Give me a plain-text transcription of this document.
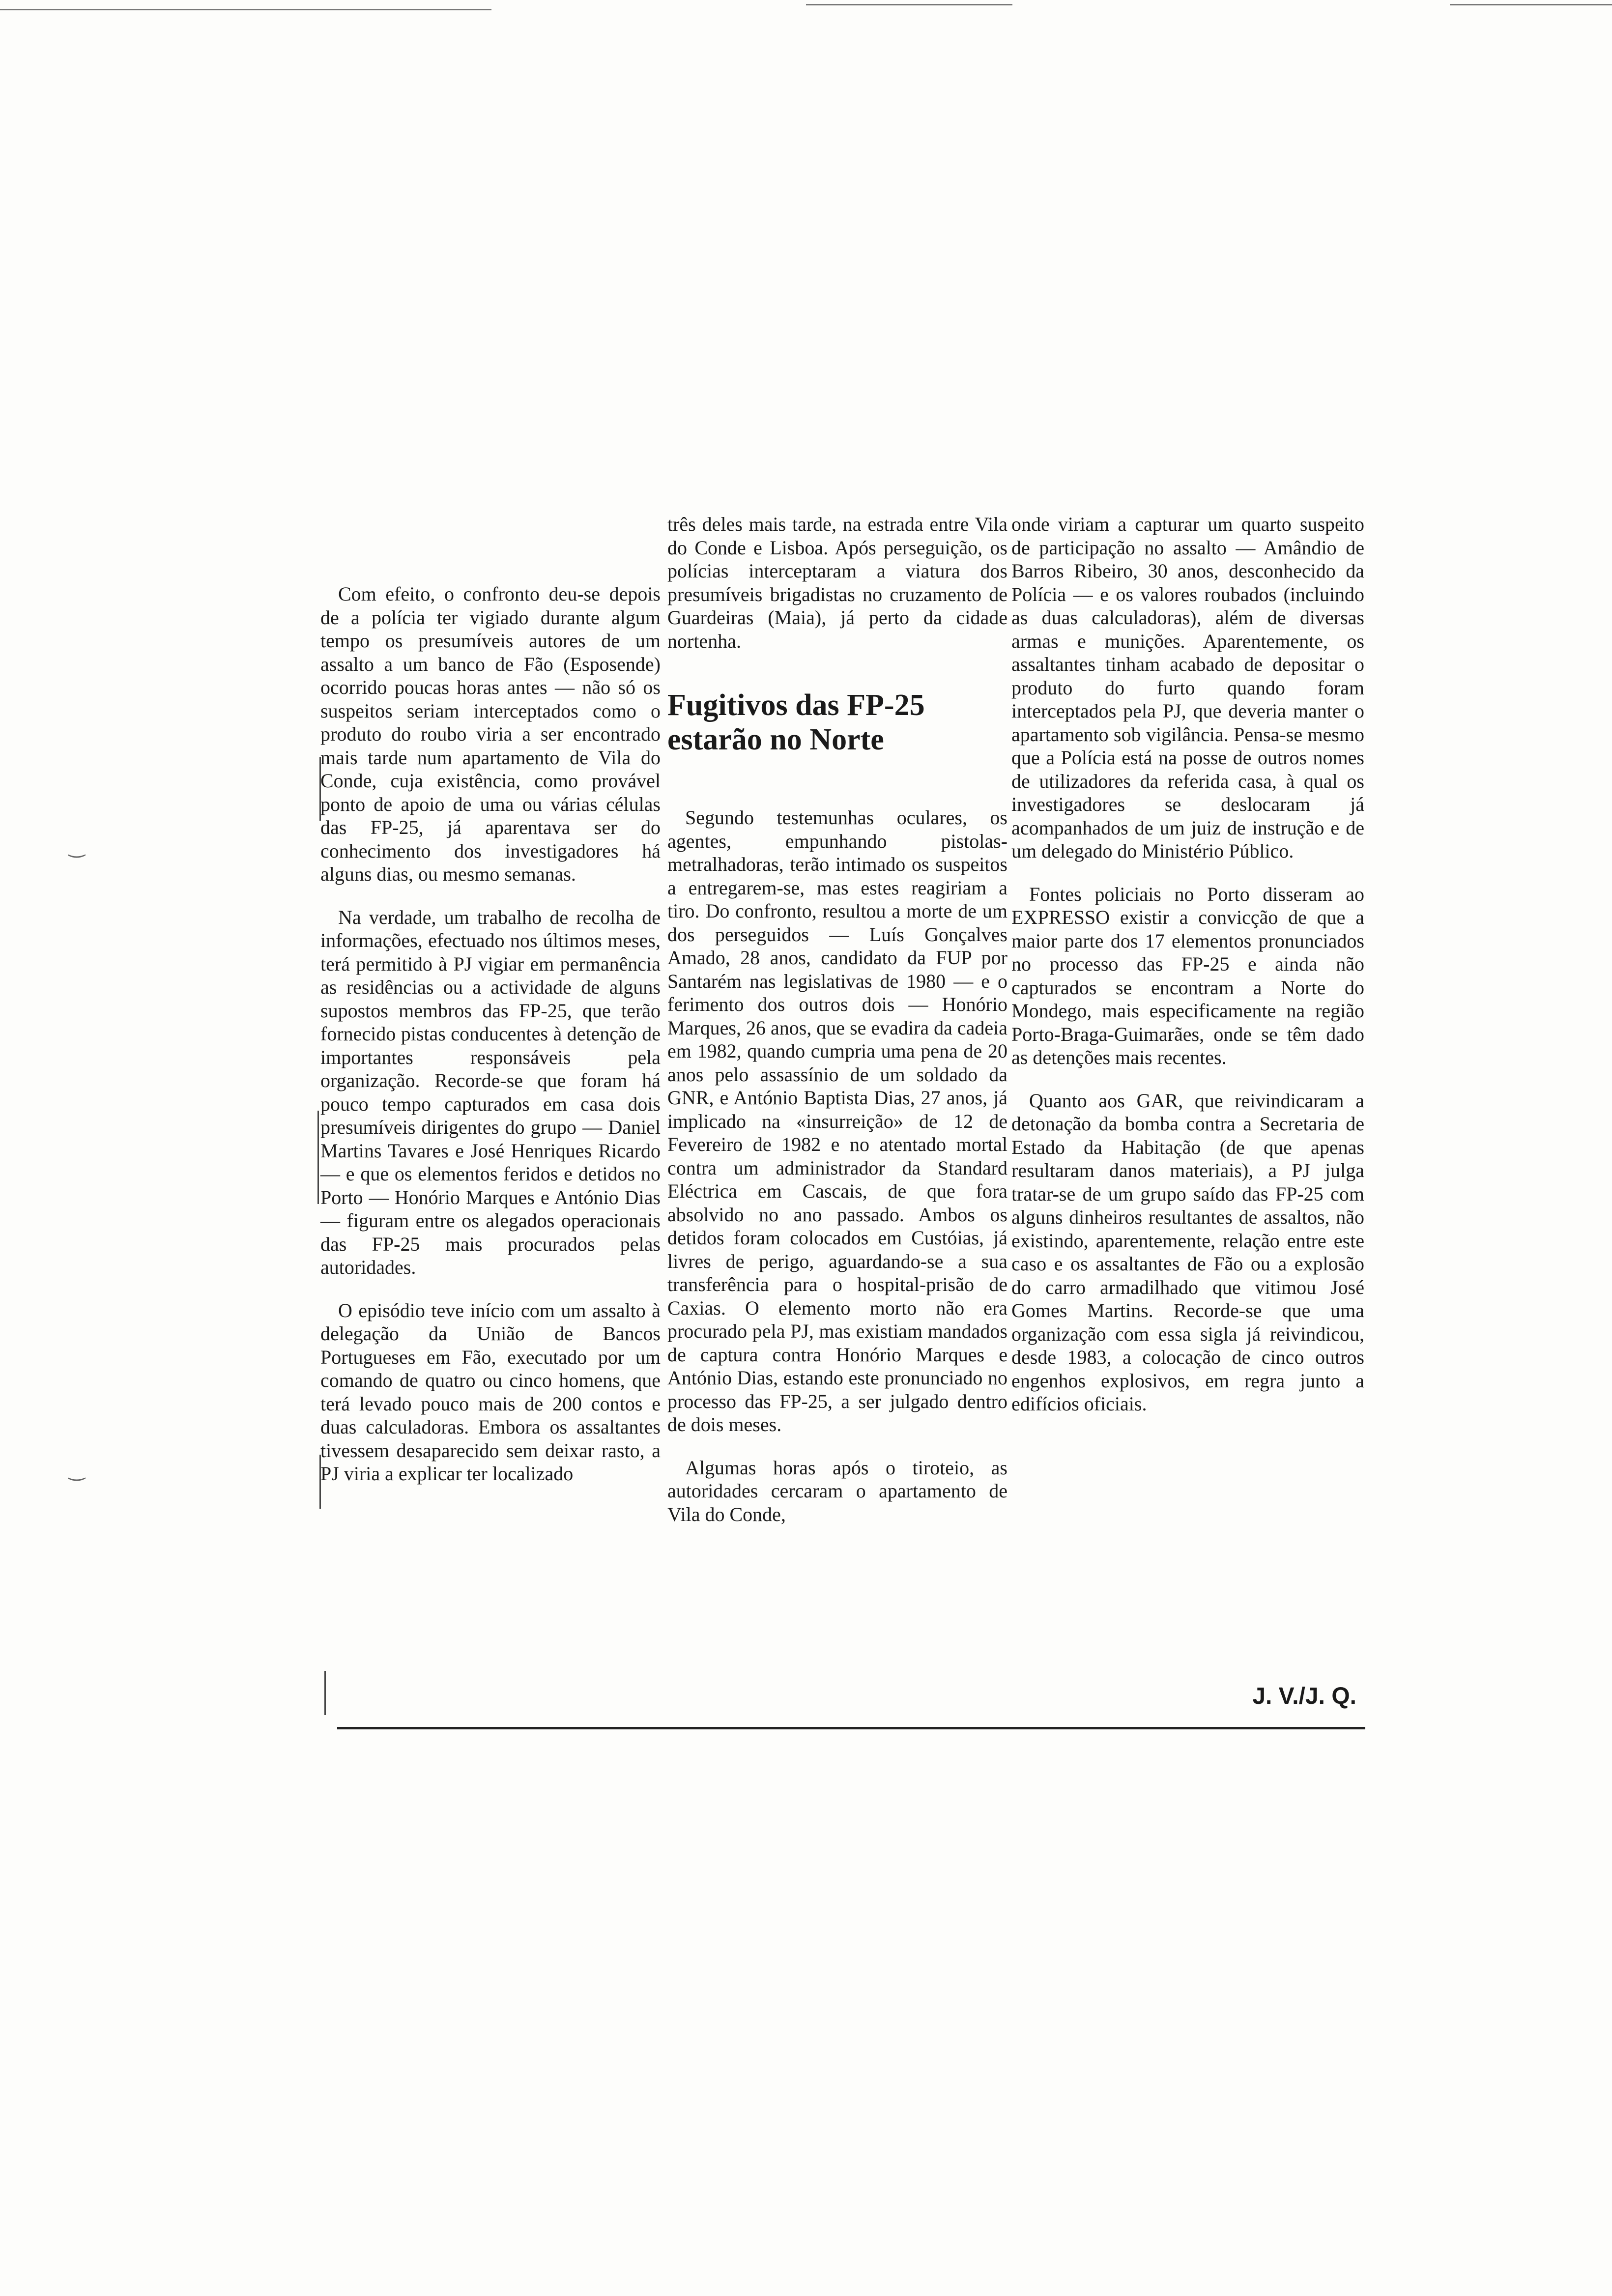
‿
‿

Com efeito, o confronto deu-se depois de a polícia ter vigiado durante algum tempo os presumíveis autores de um assalto a um banco de Fão (Esposende) ocorrido poucas horas antes — não só os suspeitos seriam interceptados como o produto do roubo viria a ser encontrado mais tarde num apartamento de Vila do Conde, cuja existência, como provável ponto de apoio de uma ou várias células das FP-25, já aparentava ser do conhecimento dos investigadores há alguns dias, ou mesmo semanas.

Na verdade, um trabalho de recolha de informações, efectuado nos últimos meses, terá permitido à PJ vigiar em permanência as residências ou a actividade de alguns supostos membros das FP-25, que terão fornecido pistas conducentes à detenção de importantes responsáveis pela organização. Recorde-se que foram há pouco tempo capturados em casa dois presumíveis dirigentes do grupo — Daniel Martins Tavares e José Henriques Ricardo — e que os elementos feridos e detidos no Porto — Honório Marques e António Dias — figuram entre os alegados operacionais das FP-25 mais procurados pelas autoridades.

O episódio teve início com um assalto à delegação da União de Bancos Portugueses em Fão, executado por um comando de quatro ou cinco homens, que terá levado pouco mais de 200 contos e duas calculadoras. Embora os assaltantes tivessem desaparecido sem deixar rasto, a PJ viria a explicar ter localizado

três deles mais tarde, na estrada entre Vila do Conde e Lisboa. Após perseguição, os polícias interceptaram a viatura dos presumíveis brigadistas no cruzamento de Guardeiras (Maia), já perto da cidade nortenha.

Fugitivos das FP-25 estarão no Norte

Segundo testemunhas oculares, os agentes, empunhando pistolas-metralhadoras, terão intimado os suspeitos a entregarem-se, mas estes reagiriam a tiro. Do confronto, resultou a morte de um dos perseguidos — Luís Gonçalves Amado, 28 anos, candidato da FUP por Santarém nas legislativas de 1980 — e o ferimento dos outros dois — Honório Marques, 26 anos, que se evadira da cadeia em 1982, quando cumpria uma pena de 20 anos pelo assassínio de um soldado da GNR, e António Baptista Dias, 27 anos, já implicado na «insurreição» de 12 de Fevereiro de 1982 e no atentado mortal contra um administrador da Standard Eléctrica em Cascais, de que fora absolvido no ano passado. Ambos os detidos foram colocados em Custóias, já livres de perigo, aguardando-se a sua transferência para o hospital-prisão de Caxias. O elemento morto não era procurado pela PJ, mas existiam mandados de captura contra Honório Marques e António Dias, estando este pronunciado no processo das FP-25, a ser julgado dentro de dois meses.

Algumas horas após o tiroteio, as autoridades cercaram o apartamento de Vila do Conde,

onde viriam a capturar um quarto suspeito de participação no assalto — Amândio de Barros Ribeiro, 30 anos, desconhecido da Polícia — e os valores roubados (incluindo as duas calculadoras), além de diversas armas e munições. Aparentemente, os assaltantes tinham acabado de depositar o produto do furto quando foram interceptados pela PJ, que deveria manter o apartamento sob vigilância. Pensa-se mesmo que a Polícia está na posse de outros nomes de utilizadores da referida casa, à qual os investigadores se deslocaram já acompanhados de um juiz de instrução e de um delegado do Ministério Público.

Fontes policiais no Porto disseram ao EXPRESSO existir a convicção de que a maior parte dos 17 elementos pronunciados no processo das FP-25 e ainda não capturados se encontram a Norte do Mondego, mais especificamente na região Porto-Braga-Guimarães, onde se têm dado as detenções mais recentes.

Quanto aos GAR, que reivindicaram a detonação da bomba contra a Secretaria de Estado da Habitação (de que apenas resultaram danos materiais), a PJ julga tratar-se de um grupo saído das FP-25 com alguns dinheiros resultantes de assaltos, não existindo, aparentemente, relação entre este caso e os assaltantes de Fão ou a explosão do carro armadilhado que vitimou José Gomes Martins. Recorde-se que uma organização com essa sigla já reivindicou, desde 1983, a colocação de cinco outros engenhos explosivos, em regra junto a edifícios oficiais.

J. V./J. Q.
